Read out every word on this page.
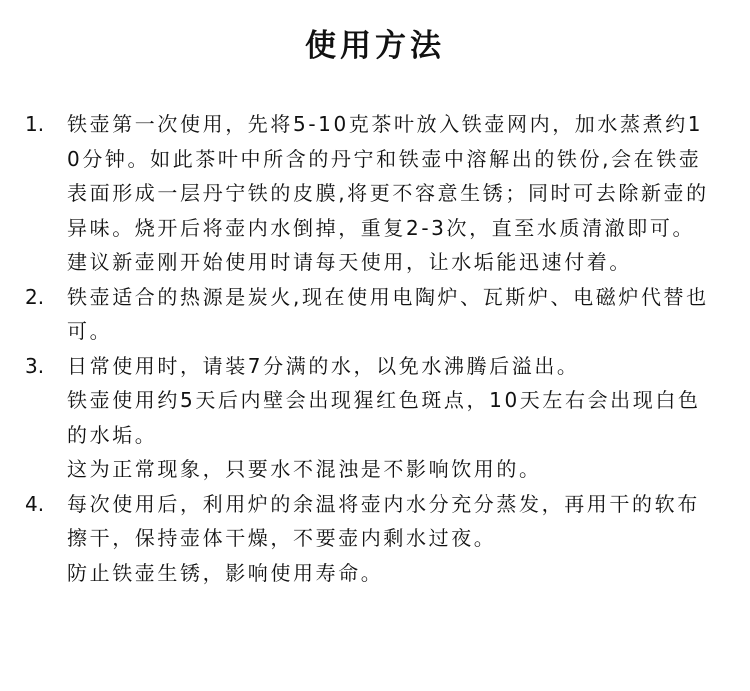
使用方法
1. 铁壶第一次使用，先将5-10克茶叶放入铁壶网内，加水蒸煮约10分钟。如此茶叶中所含的丹宁和铁壶中溶解出的铁份,会在铁壶表面形成一层丹宁铁的皮膜,将更不容意生锈；同时可去除新壶的异味。烧开后将壶内水倒掉，重复2-3次，直至水质清澈即可。

建议新壶刚开始使用时请每天使用，让水垢能迅速付着。

2. 铁壶适合的热源是炭火,现在使用电陶炉、瓦斯炉、电磁炉代替也可。

3. 日常使用时，请装7分满的水，以免水沸腾后溢出。

铁壶使用约5天后内壁会出现猩红色斑点，10天左右会出现白色的水垢。

这为正常现象，只要水不混浊是不影响饮用的。

4. 每次使用后，利用炉的余温将壶内水分充分蒸发，再用干的软布擦干，保持壶体干燥，不要壶内剩水过夜。

防止铁壶生锈，影响使用寿命。
